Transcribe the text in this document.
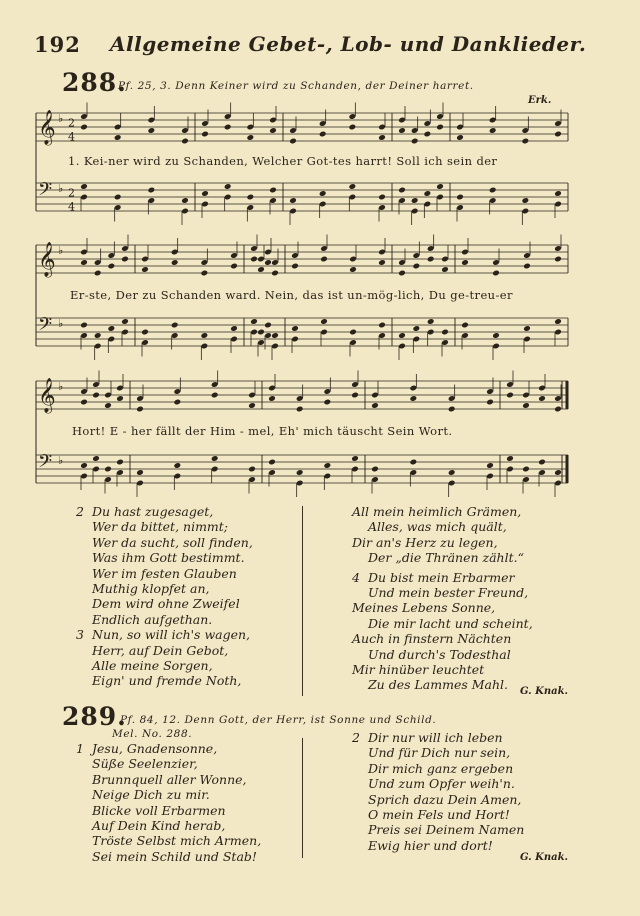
192 Allgemeine Gebet-, Lob- und Danklieder.
288.
Pf. 25, 3. Denn Keiner wird zu Schanden, der Deiner harret.
Erk.
𝄞 ♭ 2
4
𝄢 ♭ 2
4
𝄞 ♭
𝄢 ♭
𝄞 ♭
𝄢 ♭
1. Kei-ner wird zu Schanden, Welcher Got-tes harrt! Soll ich sein der
Er-ste, Der zu Schanden ward. Nein, das ist un-mög-lich, Du ge-treu-er
Hort! E - her fällt der Him - mel, Eh' mich täuscht Sein Wort.
2 Du hast zugesaget,
Wer da bittet, nimmt;
Wer da sucht, soll finden,
Was ihm Gott bestimmt.
Wer im festen Glauben
Muthig klopfet an,
Dem wird ohne Zweifel
Endlich aufgethan.
3 Nun, so will ich's wagen,
Herr, auf Dein Gebot,
Alle meine Sorgen,
Eign' und fremde Noth,
All mein heimlich Grämen,
Alles, was mich quält,
Dir an's Herz zu legen,
Der „die Thränen zählt.“
4 Du bist mein Erbarmer
Und mein bester Freund,
Meines Lebens Sonne,
Die mir lacht und scheint,
Auch in finstern Nächten
Und durch's Todesthal
Mir hinüber leuchtet
Zu des Lammes Mahl.	G. Knak.
289.
Pf. 84, 12. Denn Gott, der Herr, ist Sonne und Schild.
Mel. No. 288.
1 Jesu, Gnadensonne,
Süße Seelenzier,
Brunnquell aller Wonne,
Neige Dich zu mir.
Blicke voll Erbarmen
Auf Dein Kind herab,
Tröste Selbst mich Armen,
Sei mein Schild und Stab!
2 Dir nur will ich leben
Und für Dich nur sein,
Dir mich ganz ergeben
Und zum Opfer weih'n.
Sprich dazu Dein Amen,
O mein Fels und Hort!
Preis sei Deinem Namen
Ewig hier und dort!
G. Knak.
